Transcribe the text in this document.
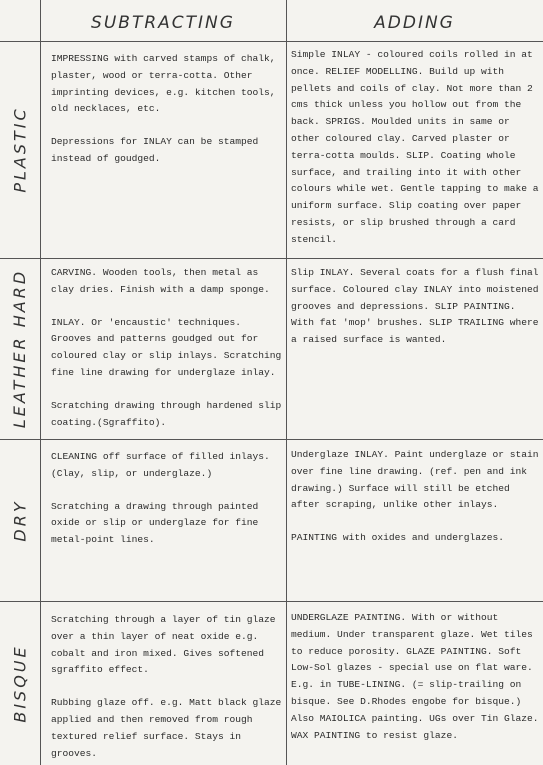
SUBTRACTING	ADDING
PLASTIC
LEATHER HARD
DRY
BISQUE

IMPRESSING with carved stamps of chalk, plaster, wood or terra-cotta. Other imprinting devices, e.g. kitchen tools, old necklaces, etc.

Depressions for INLAY can be stamped instead of goudged.

Simple INLAY - coloured coils rolled in at once. RELIEF MODELLING. Build up with pellets and coils of clay. Not more than 2 cms thick unless you hollow out from the back. SPRIGS. Moulded units in same or other coloured clay. Carved plaster or terra-cotta moulds. SLIP. Coating whole surface, and trailing into it with other colours while wet. Gentle tapping to make a uniform surface. Slip coating over paper resists, or slip brushed through a card stencil.

CARVING. Wooden tools, then metal as clay dries. Finish with a damp sponge.

INLAY. Or 'encaustic' techniques. Grooves and patterns goudged out for coloured clay or slip inlays. Scratching fine line drawing for underglaze inlay.

Scratching drawing through hardened slip coating.(Sgraffito).

Slip INLAY. Several coats for a flush final surface. Coloured clay INLAY into moistened grooves and depressions. SLIP PAINTING. With fat 'mop' brushes. SLIP TRAILING where a raised surface is wanted.

CLEANING off surface of filled inlays. (Clay, slip, or underglaze.)

Scratching a drawing through painted oxide or slip or underglaze for fine metal-point lines.

Underglaze INLAY. Paint underglaze or stain over fine line drawing. (ref. pen and ink drawing.) Surface will still be etched after scraping, unlike other inlays.

PAINTING with oxides and underglazes.

Scratching through a layer of tin glaze over a thin layer of neat oxide e.g. cobalt and iron mixed. Gives softened sgraffito effect.

Rubbing glaze off. e.g. Matt black glaze applied and then removed from rough textured relief surface. Stays in grooves.

UNDERGLAZE PAINTING. With or without medium. Under transparent glaze. Wet tiles to reduce porosity. GLAZE PAINTING. Soft Low-Sol glazes - special use on flat ware. E.g. in TUBE-LINING. (= slip-trailing on bisque. See D.Rhodes engobe for bisque.) Also MAIOLICA painting. UGs over Tin Glaze. WAX PAINTING to resist glaze.
